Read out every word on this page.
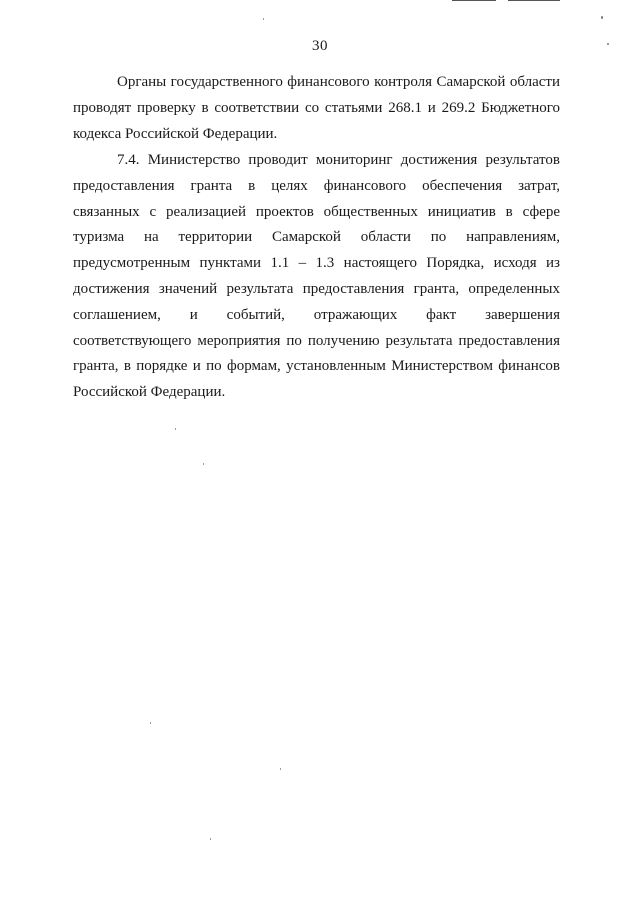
30
Органы государственного финансового контроля Самарской области
проводят проверку в соответствии со статьями 268.1 и 269.2 Бюджетного
кодекса Российской Федерации.
7.4. Министерство проводит мониторинг достижения результатов
предоставления гранта в целях финансового обеспечения затрат,
связанных с реализацией проектов общественных инициатив в сфере
туризма на территории Самарской области по направлениям,
предусмотренным пунктами 1.1 – 1.3 настоящего Порядка, исходя из
достижения значений результата предоставления гранта, определенных
соглашением, и событий, отражающих факт завершения
соответствующего мероприятия по получению результата предоставления
гранта, в порядке и по формам, установленным Министерством финансов
Российской Федерации.
